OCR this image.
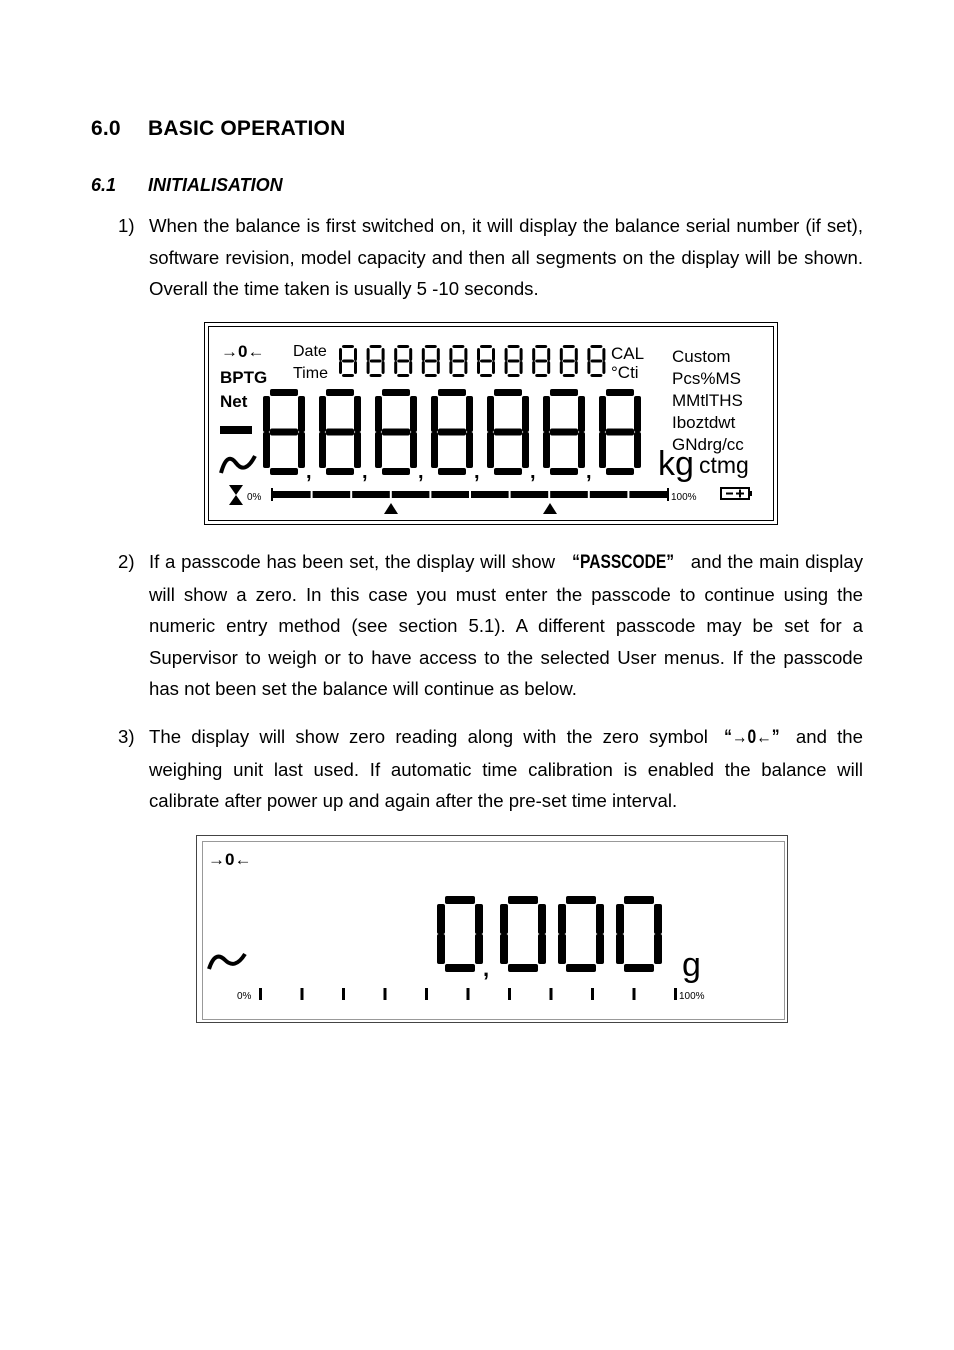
6.0 BASIC OPERATION
6.1 INITIALISATION
1) When the balance is first switched on, it will display the balance serial number (if set), software revision, model capacity and then all segments on the display will be shown. Overall the time taken is usually 5 -10 seconds.
→0←
BPTG
Net
Date
Time
CAL
°Cti
Custom
Pcs%MS
MMtlTHS
Iboztdwt
GNdrg/cc
kg ctmg
,	,	,	,	,	,
0%	100%
2) If a passcode has been set, the display will show “PASSCODE” and the main display will show a zero. In this case you must enter the passcode to continue using the numeric entry method (see section 5.1). A different passcode may be set for a Supervisor to weigh or to have access to the selected User menus. If the passcode has not been set the balance will continue as below.
3) The display will show zero reading along with the zero symbol “→0←” and the weighing unit last used. If automatic time calibration is enabled the balance will calibrate after power up and again after the pre-set time interval.
→0←
,	g
0%	100%
